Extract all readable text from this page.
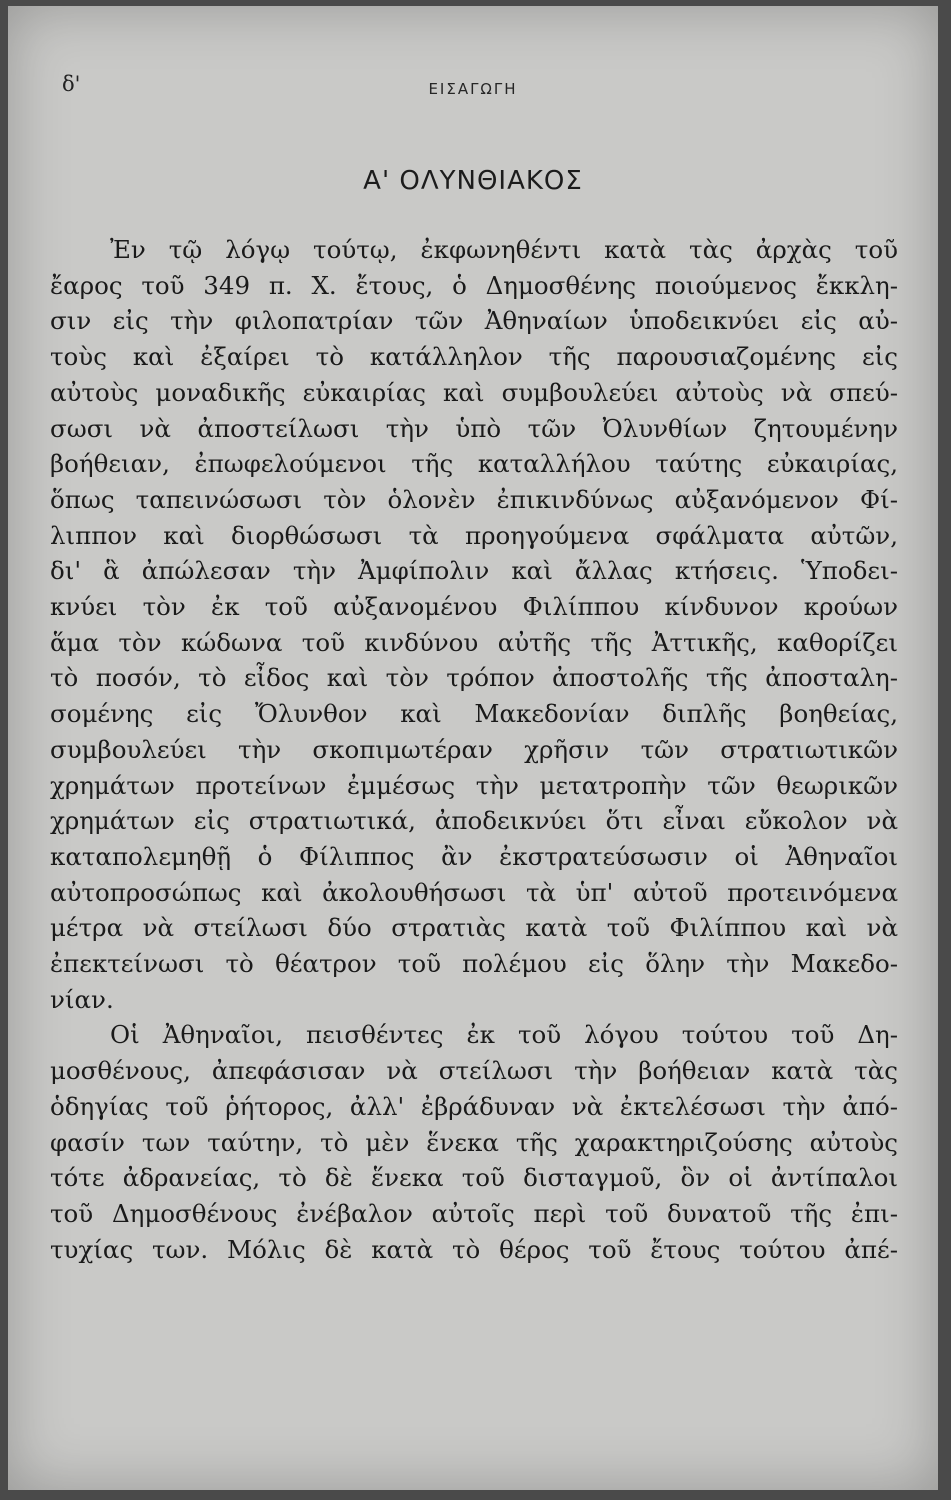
δ'	ΕΙΣΑΓΩΓΗ
Α' ΟΛΥΝΘΙΑΚΟΣ
Ἐν τῷ λόγῳ τούτῳ, ἐκφωνηθέντι κατὰ τὰς ἀρχὰς τοῦ
ἔαρος τοῦ 349 π. Χ. ἔτους, ὁ Δημοσθένης ποιούμενος ἔκκλη-
σιν εἰς τὴν φιλοπατρίαν τῶν Ἀθηναίων ὑποδεικνύει εἰς αὐ-
τοὺς καὶ ἐξαίρει τὸ κατάλληλον τῆς παρουσιαζομένης εἰς
αὐτοὺς μοναδικῆς εὐκαιρίας καὶ συμβουλεύει αὐτοὺς νὰ σπεύ-
σωσι νὰ ἀποστείλωσι τὴν ὑπὸ τῶν Ὀλυνθίων ζητουμένην
βοήθειαν, ἐπωφελούμενοι τῆς καταλλήλου ταύτης εὐκαιρίας,
ὅπως ταπεινώσωσι τὸν ὁλονὲν ἐπικινδύνως αὐξανόμενον Φί-
λιππον καὶ διορθώσωσι τὰ προηγούμενα σφάλματα αὐτῶν,
δι' ἃ ἀπώλεσαν τὴν Ἀμφίπολιν καὶ ἄλλας κτήσεις. Ὑποδει-
κνύει τὸν ἐκ τοῦ αὐξανομένου Φιλίππου κίνδυνον κρούων
ἅμα τὸν κώδωνα τοῦ κινδύνου αὐτῆς τῆς Ἀττικῆς, καθορίζει
τὸ ποσόν, τὸ εἶδος καὶ τὸν τρόπον ἀποστολῆς τῆς ἀποσταλη-
σομένης εἰς Ὄλυνθον καὶ Μακεδονίαν διπλῆς βοηθείας,
συμβουλεύει τὴν σκοπιμωτέραν χρῆσιν τῶν στρατιωτικῶν
χρημάτων προτείνων ἐμμέσως τὴν μετατροπὴν τῶν θεωρικῶν
χρημάτων εἰς στρατιωτικά, ἀποδεικνύει ὅτι εἶναι εὔκολον νὰ
καταπολεμηθῇ ὁ Φίλιππος ἂν ἐκστρατεύσωσιν οἱ Ἀθηναῖοι
αὐτοπροσώπως καὶ ἀκολουθήσωσι τὰ ὑπ' αὐτοῦ προτεινόμενα
μέτρα νὰ στείλωσι δύο στρατιὰς κατὰ τοῦ Φιλίππου καὶ νὰ
ἐπεκτείνωσι τὸ θέατρον τοῦ πολέμου εἰς ὅλην τὴν Μακεδο-
νίαν.
Οἱ Ἀθηναῖοι, πεισθέντες ἐκ τοῦ λόγου τούτου τοῦ Δη-
μοσθένους, ἀπεφάσισαν νὰ στείλωσι τὴν βοήθειαν κατὰ τὰς
ὁδηγίας τοῦ ῥήτορος, ἀλλ' ἐβράδυναν νὰ ἐκτελέσωσι τὴν ἀπό-
φασίν των ταύτην, τὸ μὲν ἕνεκα τῆς χαρακτηριζούσης αὐτοὺς
τότε ἀδρανείας, τὸ δὲ ἕνεκα τοῦ δισταγμοῦ, ὃν οἱ ἀντίπαλοι
τοῦ Δημοσθένους ἐνέβαλον αὐτοῖς περὶ τοῦ δυνατοῦ τῆς ἐπι-
τυχίας των. Μόλις δὲ κατὰ τὸ θέρος τοῦ ἔτους τούτου ἀπέ-
